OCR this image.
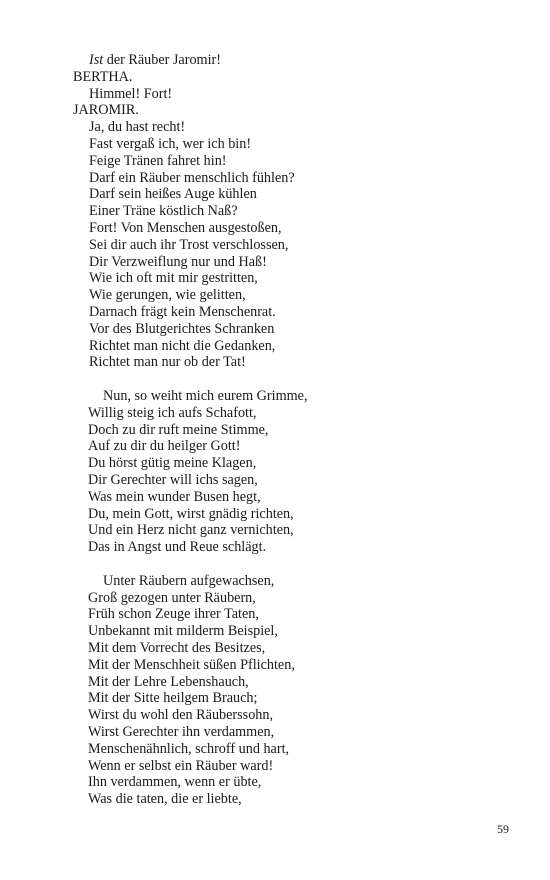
Ist der Räuber Jaromir!
BERTHA.
Himmel! Fort!
JAROMIR.
Ja, du hast recht!
Fast vergaß ich, wer ich bin!
Feige Tränen fahret hin!
Darf ein Räuber menschlich fühlen?
Darf sein heißes Auge kühlen
Einer Träne köstlich Naß?
Fort! Von Menschen ausgestoßen,
Sei dir auch ihr Trost verschlossen,
Dir Verzweiflung nur und Haß!
Wie ich oft mit mir gestritten,
Wie gerungen, wie gelitten,
Darnach frägt kein Menschenrat.
Vor des Blutgerichtes Schranken
Richtet man nicht die Gedanken,
Richtet man nur ob der Tat!
Nun, so weiht mich eurem Grimme,
Willig steig ich aufs Schafott,
Doch zu dir ruft meine Stimme,
Auf zu dir du heilger Gott!
Du hörst gütig meine Klagen,
Dir Gerechter will ichs sagen,
Was mein wunder Busen hegt,
Du, mein Gott, wirst gnädig richten,
Und ein Herz nicht ganz vernichten,
Das in Angst und Reue schlägt.
Unter Räubern aufgewachsen,
Groß gezogen unter Räubern,
Früh schon Zeuge ihrer Taten,
Unbekannt mit milderm Beispiel,
Mit dem Vorrecht des Besitzes,
Mit der Menschheit süßen Pflichten,
Mit der Lehre Lebenshauch,
Mit der Sitte heilgem Brauch;
Wirst du wohl den Räuberssohn,
Wirst Gerechter ihn verdammen,
Menschenähnlich, schroff und hart,
Wenn er selbst ein Räuber ward!
Ihn verdammen, wenn er übte,
Was die taten, die er liebte,
59
